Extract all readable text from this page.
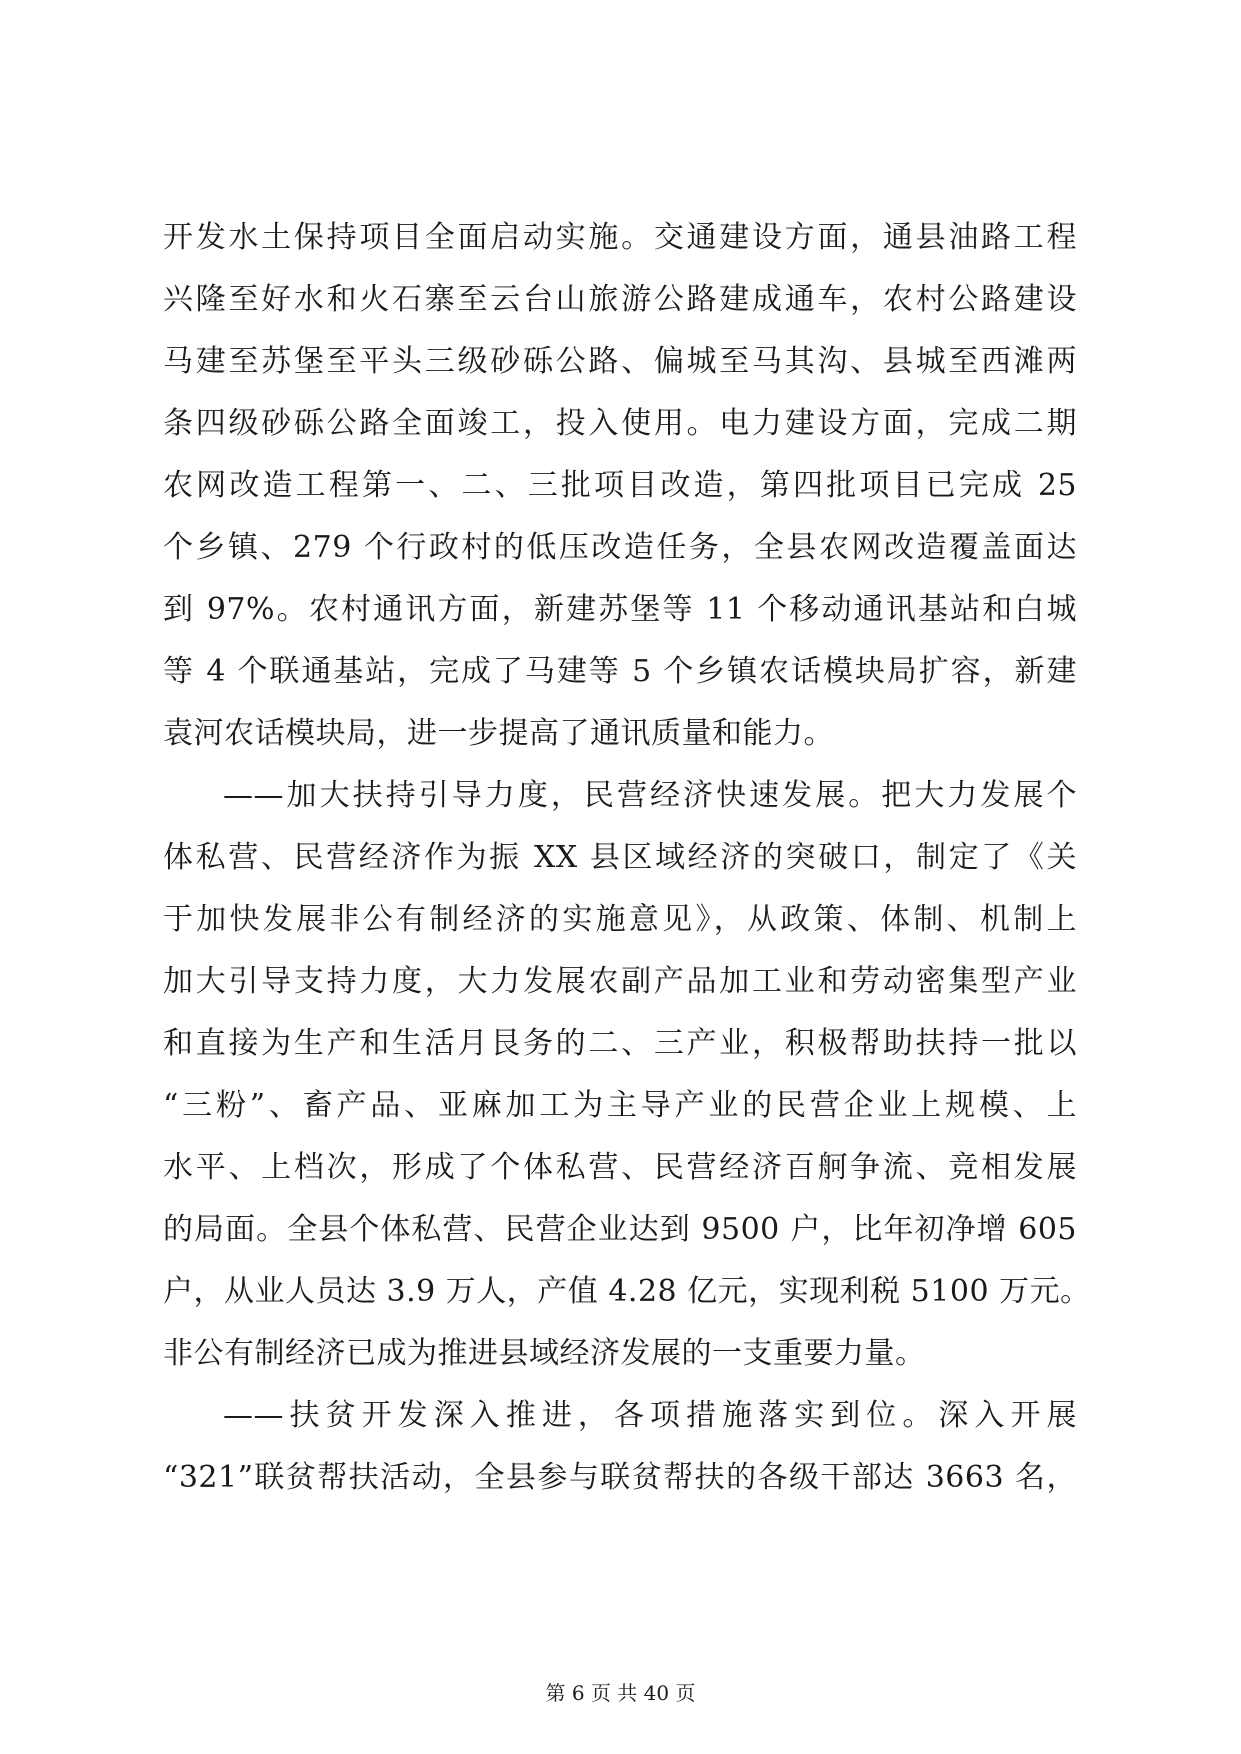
开发水土保持项目全面启动实施。交通建设方面，通县油路工程
兴隆至好水和火石寨至云台山旅游公路建成通车，农村公路建设
马建至苏堡至平头三级砂砾公路、偏城至马其沟、县城至西滩两
条四级砂砾公路全面竣工，投入使用。电力建设方面，完成二期
农网改造工程第一、二、三批项目改造，第四批项目已完成 25
个乡镇、279 个行政村的低压改造任务，全县农网改造覆盖面达
到 97%。农村通讯方面，新建苏堡等 11 个移动通讯基站和白城
等 4 个联通基站，完成了马建等 5 个乡镇农话模块局扩容，新建
袁河农话模块局，进一步提高了通讯质量和能力。
——加大扶持引导力度，民营经济快速发展。把大力发展个
体私营、民营经济作为振 XX 县区域经济的突破口，制定了《关
于加快发展非公有制经济的实施意见》，从政策、体制、机制上
加大引导支持力度，大力发展农副产品加工业和劳动密集型产业
和直接为生产和生活月艮务的二、三产业，积极帮助扶持一批以
“三粉”、畜产品、亚麻加工为主导产业的民营企业上规模、上
水平、上档次，形成了个体私营、民营经济百舸争流、竞相发展
的局面。全县个体私营、民营企业达到 9500 户，比年初净增 605
户，从业人员达 3.9 万人，产值 4.28 亿元，实现利税 5100 万元。
非公有制经济已成为推进县域经济发展的一支重要力量。
——扶贫开发深入推进，各项措施落实到位。深入开展
“321”联贫帮扶活动，全县参与联贫帮扶的各级干部达 3663 名，
第 6 页 共 40 页
